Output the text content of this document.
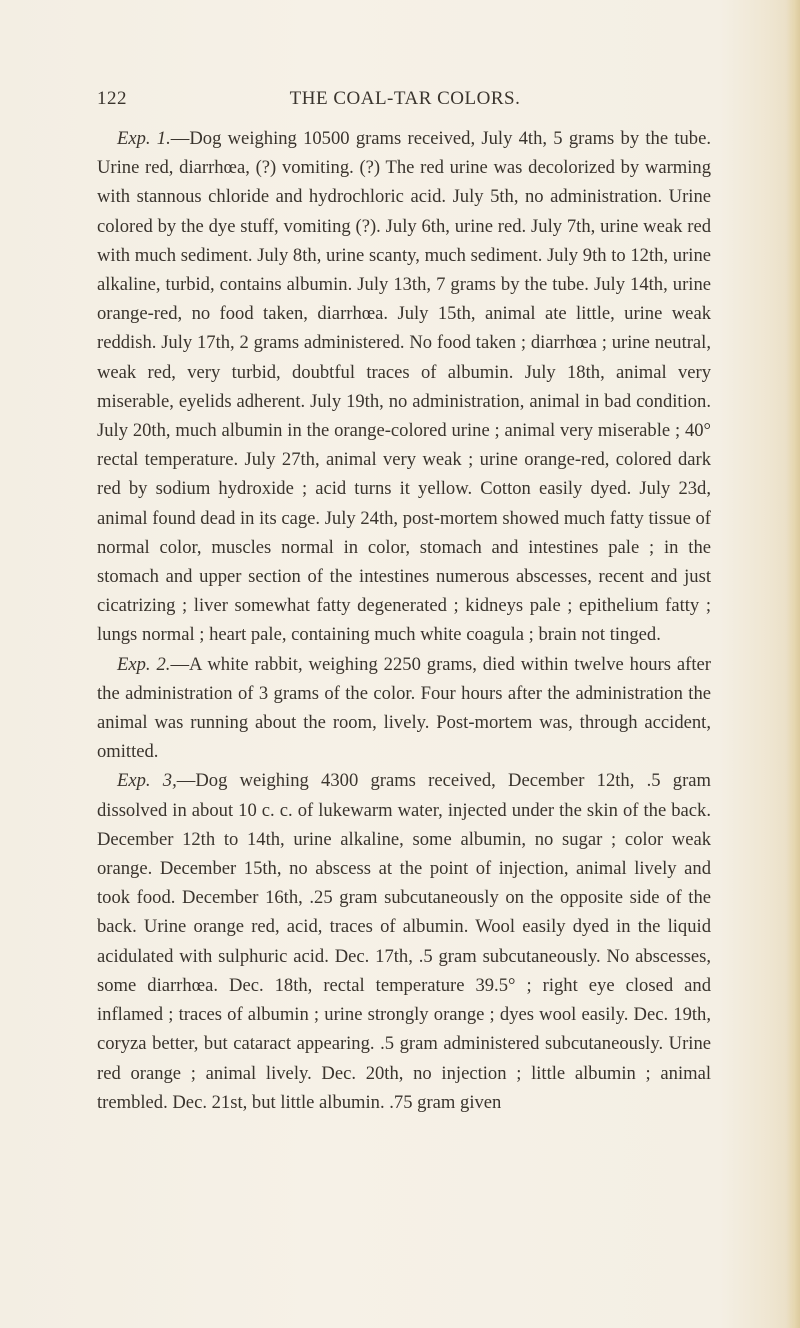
122	THE COAL-TAR COLORS.

Exp. 1.—Dog weighing 10500 grams received, July 4th, 5 grams by the tube. Urine red, diarrhœa, (?) vomiting. (?) The red urine was decolorized by warming with stannous chloride and hydrochloric acid. July 5th, no administration. Urine colored by the dye stuff, vomiting (?). July 6th, urine red. July 7th, urine weak red with much sediment. July 8th, urine scanty, much sediment. July 9th to 12th, urine alkaline, turbid, contains albumin. July 13th, 7 grams by the tube. July 14th, urine orange-red, no food taken, diarrhœa. July 15th, animal ate little, urine weak reddish. July 17th, 2 grams administered. No food taken ; diarrhœa ; urine neutral, weak red, very turbid, doubtful traces of albumin. July 18th, animal very miserable, eyelids adherent. July 19th, no administration, animal in bad condition. July 20th, much albumin in the orange-colored urine ; animal very miserable ; 40° rectal temperature. July 27th, animal very weak ; urine orange-red, colored dark red by sodium hydroxide ; acid turns it yellow. Cotton easily dyed. July 23d, animal found dead in its cage. July 24th, post-mortem showed much fatty tissue of normal color, muscles normal in color, stomach and intestines pale ; in the stomach and upper section of the intestines numerous abscesses, recent and just cicatrizing ; liver somewhat fatty degenerated ; kidneys pale ; epithelium fatty ; lungs normal ; heart pale, containing much white coagula ; brain not tinged.

Exp. 2.—A white rabbit, weighing 2250 grams, died within twelve hours after the administration of 3 grams of the color. Four hours after the administration the animal was running about the room, lively. Post-mortem was, through accident, omitted.

Exp. 3,—Dog weighing 4300 grams received, December 12th, .5 gram dissolved in about 10 c. c. of lukewarm water, injected under the skin of the back. December 12th to 14th, urine alkaline, some albumin, no sugar ; color weak orange. December 15th, no abscess at the point of injection, animal lively and took food. December 16th, .25 gram subcutaneously on the opposite side of the back. Urine orange red, acid, traces of albumin. Wool easily dyed in the liquid acidulated with sulphuric acid. Dec. 17th, .5 gram subcutaneously. No abscesses, some diarrhœa. Dec. 18th, rectal temperature 39.5° ; right eye closed and inflamed ; traces of albumin ; urine strongly orange ; dyes wool easily. Dec. 19th, coryza better, but cataract appearing. .5 gram administered subcutaneously. Urine red orange ; animal lively. Dec. 20th, no injection ; little albumin ; animal trembled. Dec. 21st, but little albumin. .75 gram given
